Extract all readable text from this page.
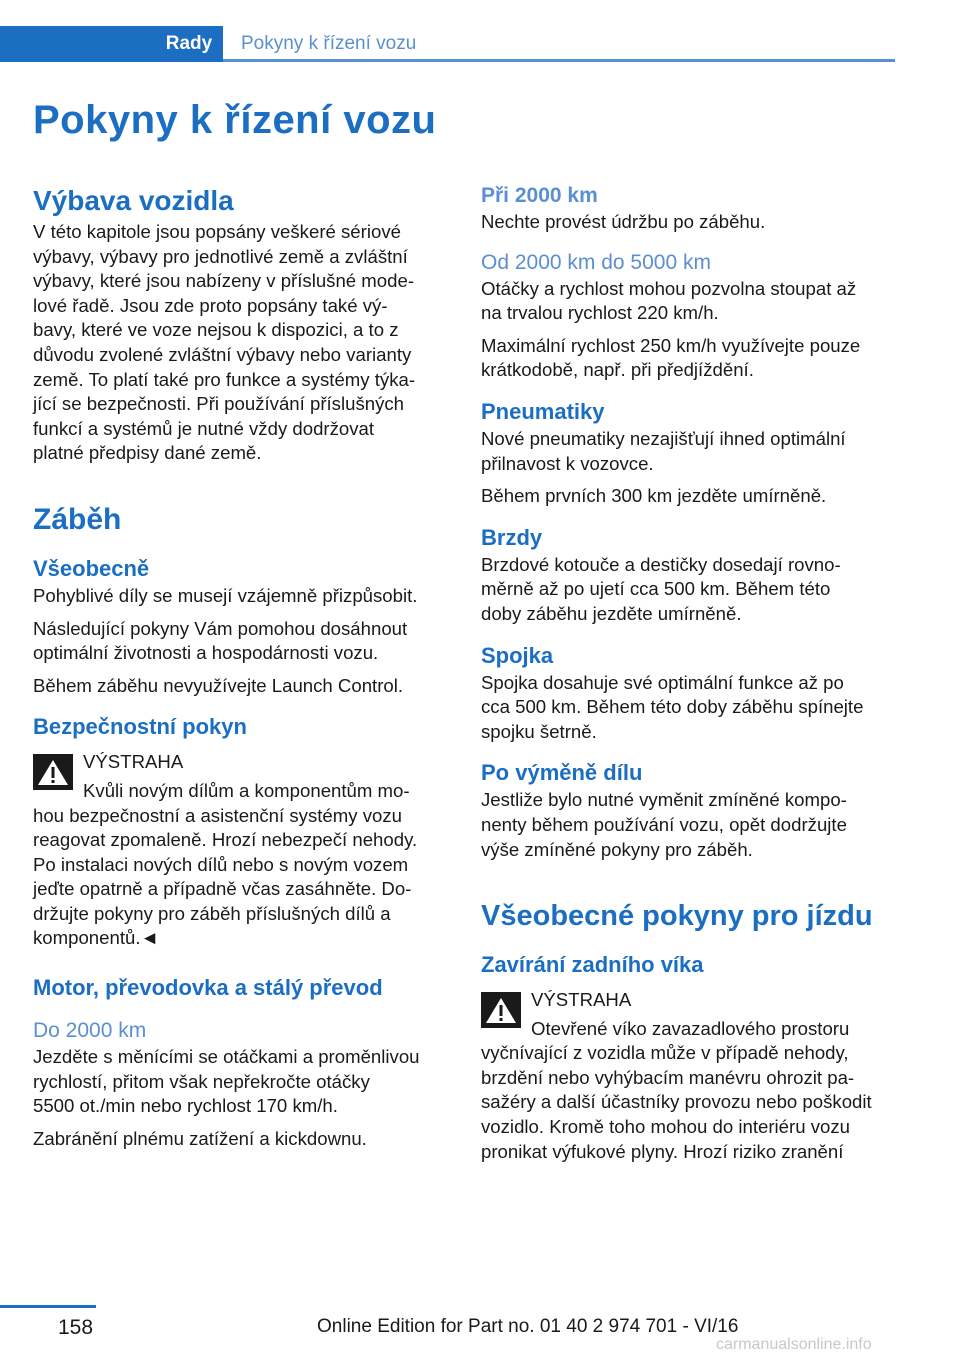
Rady	Pokyny k řízení vozu
Pokyny k řízení vozu
Výbava vozidla

V této kapitole jsou popsány veškeré sériové

výbavy, výbavy pro jednotlivé země a zvláštní

výbavy, které jsou nabízeny v příslušné mode‐

lové řadě. Jsou zde proto popsány také vý‐

bavy, které ve voze nejsou k dispozici, a to z

důvodu zvolené zvláštní výbavy nebo varianty

země. To platí také pro funkce a systémy týka‐

jící se bezpečnosti. Při používání příslušných

funkcí a systémů je nutné vždy dodržovat

platné předpisy dané země.

Záběh
Všeobecně

Pohyblivé díly se musejí vzájemně přizpůsobit.

Následující pokyny Vám pomohou dosáhnout

optimální životnosti a hospodárnosti vozu.

Během záběhu nevyužívejte Launch Control.

Bezpečnostní pokyn
VÝSTRAHA
Kvůli novým dílům a komponentům mo‐

hou bezpečnostní a asistenční systémy vozu

reagovat zpomaleně. Hrozí nebezpečí nehody.

Po instalaci nových dílů nebo s novým vozem

jeďte opatrně a případně včas zasáhněte. Do‐

držujte pokyny pro záběh příslušných dílů a

komponentů.◄

Motor, převodovka a stálý převod
Do 2000 km

Jezděte s měnícími se otáčkami a proměnlivou

rychlostí, přitom však nepřekročte otáčky

5500 ot./min nebo rychlost 170 km/h.

Zabránění plnému zatížení a kickdownu.

Při 2000 km

Nechte provést údržbu po záběhu.

Od 2000 km do 5000 km

Otáčky a rychlost mohou pozvolna stoupat až

na trvalou rychlost 220 km/h.

Maximální rychlost 250 km/h využívejte pouze

krátkodobě, např. při předjíždění.

Pneumatiky

Nové pneumatiky nezajišťují ihned optimální

přilnavost k vozovce.

Během prvních 300 km jezděte umírněně.

Brzdy

Brzdové kotouče a destičky dosedají rovno‐

měrně až po ujetí cca 500 km. Během této

doby záběhu jezděte umírněně.

Spojka

Spojka dosahuje své optimální funkce až po

cca 500 km. Během této doby záběhu spínejte

spojku šetrně.

Po výměně dílu

Jestliže bylo nutné vyměnit zmíněné kompo‐

nenty během používání vozu, opět dodržujte

výše zmíněné pokyny pro záběh.

Všeobecné pokyny pro jízdu
Zavírání zadního víka
VÝSTRAHA
Otevřené víko zavazadlového prostoru

vyčnívající z vozidla může v případě nehody,

brzdění nebo vyhýbacím manévru ohrozit pa‐

sažéry a další účastníky provozu nebo poškodit

vozidlo. Kromě toho mohou do interiéru vozu

pronikat výfukové plyny. Hrozí riziko zranění

158	Online Edition for Part no. 01 40 2 974 701 - VI/16
carmanualsonline.info
